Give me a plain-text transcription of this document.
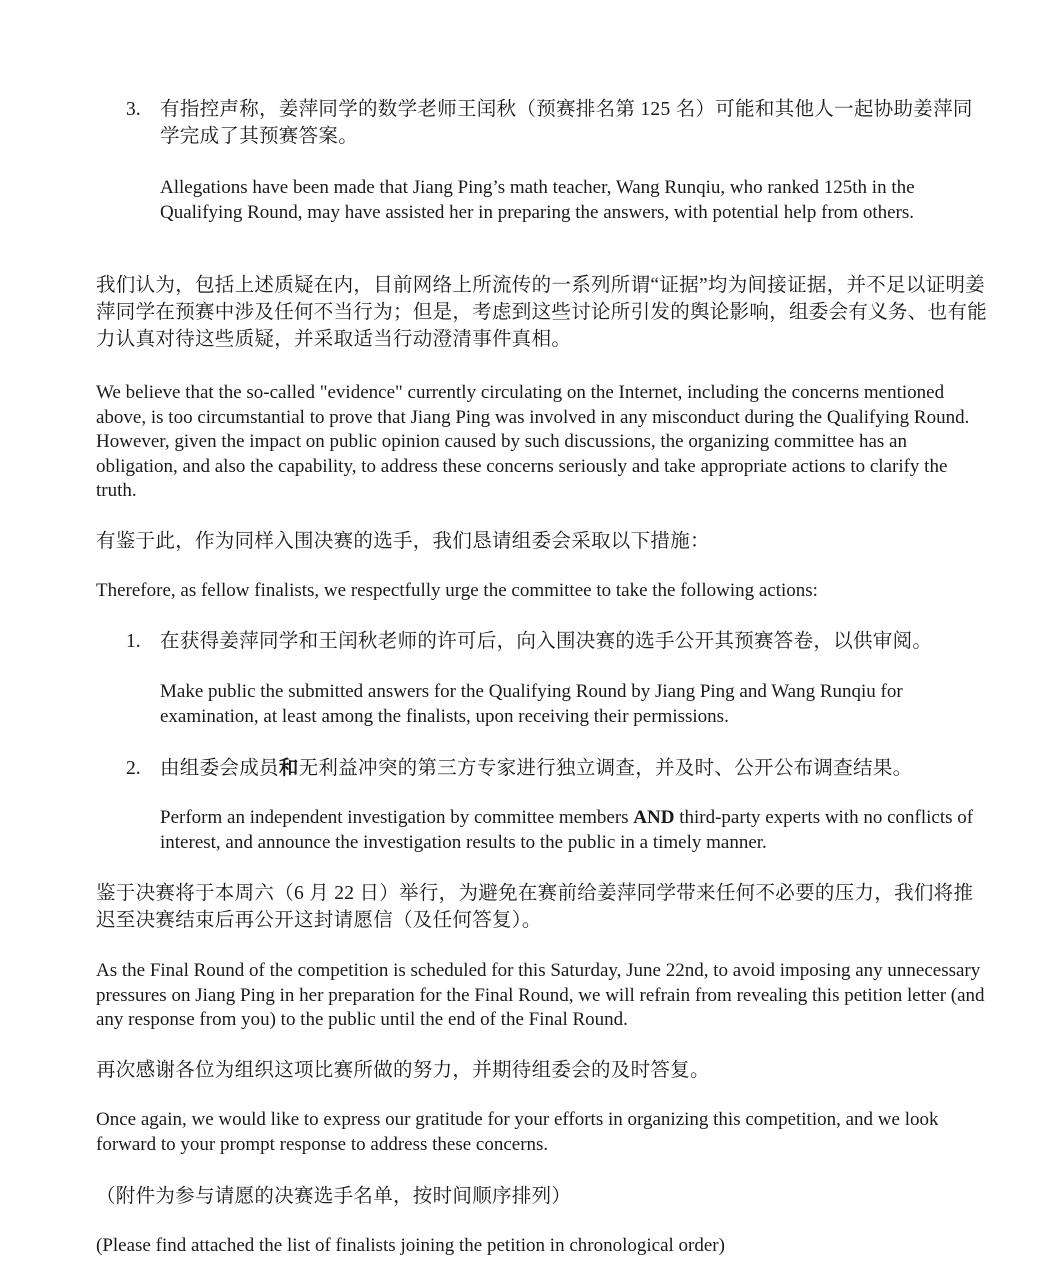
3. 有指控声称，姜萍同学的数学老师王闰秋（预赛排名第 125 名）可能和其他人一起协助姜萍同学完成了其预赛答案。

Allegations have been made that Jiang Ping’s math teacher, Wang Runqiu, who ranked 125th in the Qualifying Round, may have assisted her in preparing the answers, with potential help from others.

我们认为，包括上述质疑在内，目前网络上所流传的一系列所谓“证据”均为间接证据，并不足以证明姜萍同学在预赛中涉及任何不当行为；但是，考虑到这些讨论所引发的舆论影响，组委会有义务、也有能力认真对待这些质疑，并采取适当行动澄清事件真相。

We believe that the so-called "evidence" currently circulating on the Internet, including the concerns mentioned above, is too circumstantial to prove that Jiang Ping was involved in any misconduct during the Qualifying Round. However, given the impact on public opinion caused by such discussions, the organizing committee has an obligation, and also the capability, to address these concerns seriously and take appropriate actions to clarify the truth.

有鉴于此，作为同样入围决赛的选手，我们恳请组委会采取以下措施：

Therefore, as fellow finalists, we respectfully urge the committee to take the following actions:

1. 在获得姜萍同学和王闰秋老师的许可后，向入围决赛的选手公开其预赛答卷，以供审阅。

Make public the submitted answers for the Qualifying Round by Jiang Ping and Wang Runqiu for examination, at least among the finalists, upon receiving their permissions.

2. 由组委会成员和无利益冲突的第三方专家进行独立调查，并及时、公开公布调查结果。

Perform an independent investigation by committee members AND third-party experts with no conflicts of interest, and announce the investigation results to the public in a timely manner.

鉴于决赛将于本周六（6 月 22 日）举行，为避免在赛前给姜萍同学带来任何不必要的压力，我们将推迟至决赛结束后再公开这封请愿信（及任何答复）。

As the Final Round of the competition is scheduled for this Saturday, June 22nd, to avoid imposing any unnecessary pressures on Jiang Ping in her preparation for the Final Round, we will refrain from revealing this petition letter (and any response from you) to the public until the end of the Final Round.

再次感谢各位为组织这项比赛所做的努力，并期待组委会的及时答复。

Once again, we would like to express our gratitude for your efforts in organizing this competition, and we look forward to your prompt response to address these concerns.

（附件为参与请愿的决赛选手名单，按时间顺序排列）

(Please find attached the list of finalists joining the petition in chronological order)
